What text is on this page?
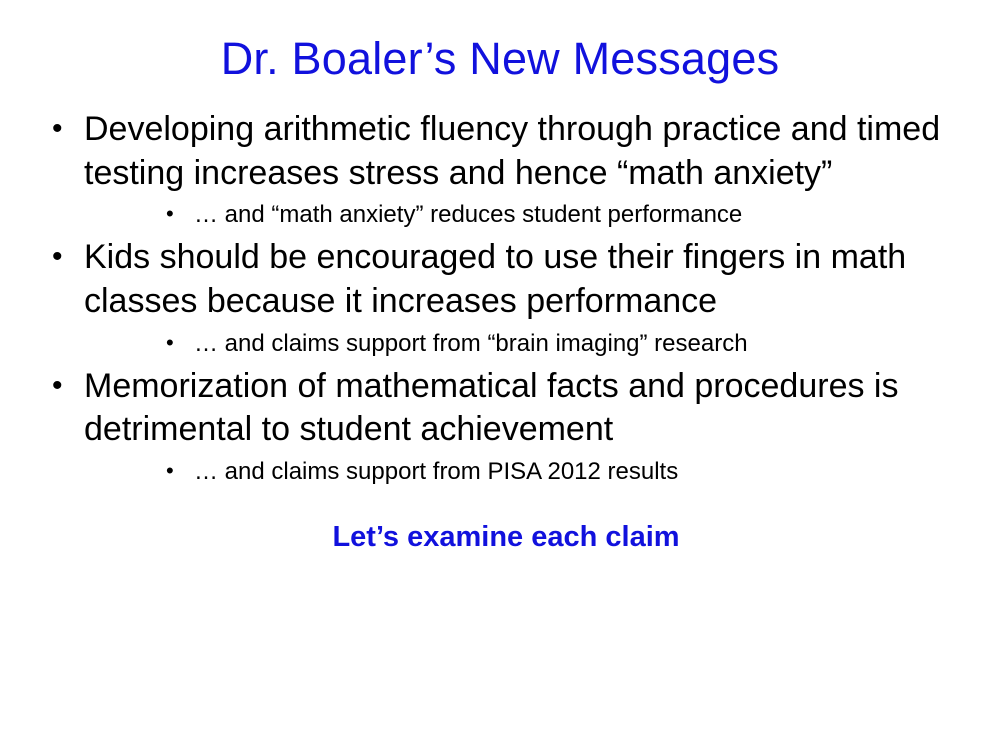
Dr. Boaler’s New Messages
• Developing arithmetic fluency through practice and timed testing increases stress and hence “math anxiety”
• … and “math anxiety” reduces student performance
• Kids should be encouraged to use their fingers in math classes because it increases performance
• … and claims support from “brain imaging” research
• Memorization of mathematical facts and procedures is detrimental to student achievement
• … and claims support from PISA 2012 results
Let’s examine each claim
